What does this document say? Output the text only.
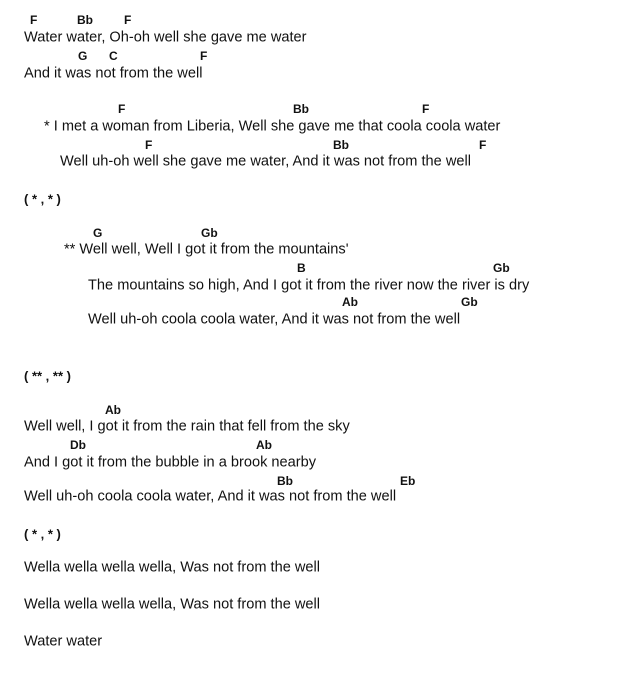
F	Bb	F
G C	F
F	Bb	F
F	Bb	F
G	Gb
B	Gb
Ab	Gb
Ab
Db	Ab
Bb	Eb
Water water, Oh-oh well she gave me water
And it was not from the well
* I met a woman from Liberia, Well she gave me that coola coola water
Well uh-oh well she gave me water, And it was not from the well
** Well well, Well I got it from the mountains'
The mountains so high, And I got it from the river now the river is dry
Well uh-oh coola coola water, And it was not from the well
Well well, I got it from the rain that fell from the sky
And I got it from the bubble in a brook nearby
Well uh-oh coola coola water, And it was not from the well
Wella wella wella wella, Was not from the well
Wella wella wella wella, Was not from the well
Water water
( * , * )
( ** , ** )
( * , * )
